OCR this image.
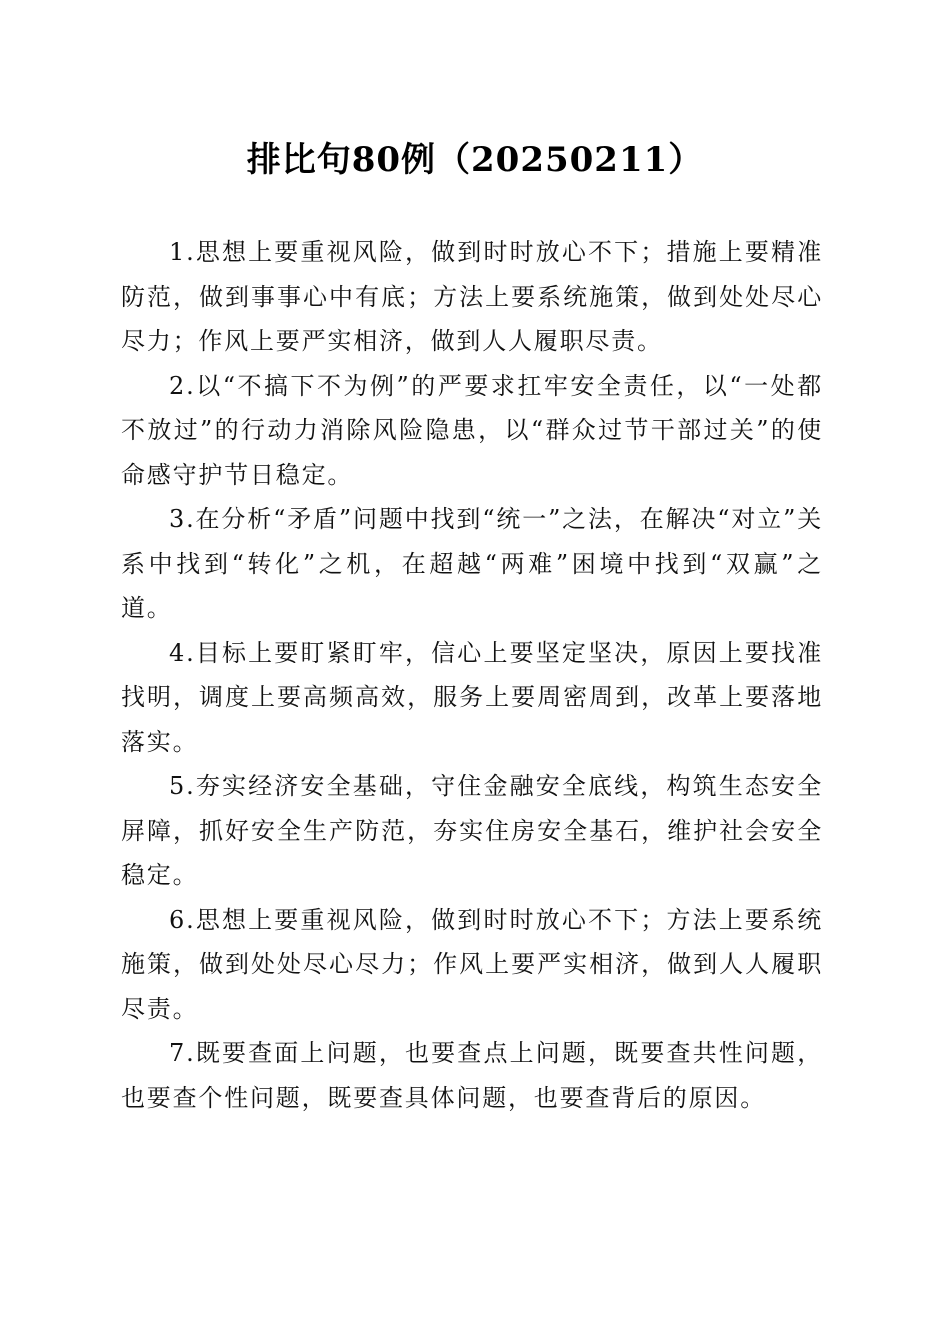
排比句80例（20250211）

1.思想上要重视风险，做到时时放心不下；措施上要精准防范，做到事事心中有底；方法上要系统施策，做到处处尽心尽力；作风上要严实相济，做到人人履职尽责。

2.以“不搞下不为例”的严要求扛牢安全责任，以“一处都不放过”的行动力消除风险隐患，以“群众过节干部过关”的使命感守护节日稳定。

3.在分析“矛盾”问题中找到“统一”之法，在解决“对立”关系中找到“转化”之机，在超越“两难”困境中找到“双赢”之道。

4.目标上要盯紧盯牢，信心上要坚定坚决，原因上要找准找明，调度上要高频高效，服务上要周密周到，改革上要落地落实。

5.夯实经济安全基础，守住金融安全底线，构筑生态安全屏障，抓好安全生产防范，夯实住房安全基石，维护社会安全稳定。

6.思想上要重视风险，做到时时放心不下；方法上要系统施策，做到处处尽心尽力；作风上要严实相济，做到人人履职尽责。

7.既要查面上问题，也要查点上问题，既要查共性问题，也要查个性问题，既要查具体问题，也要查背后的原因。
